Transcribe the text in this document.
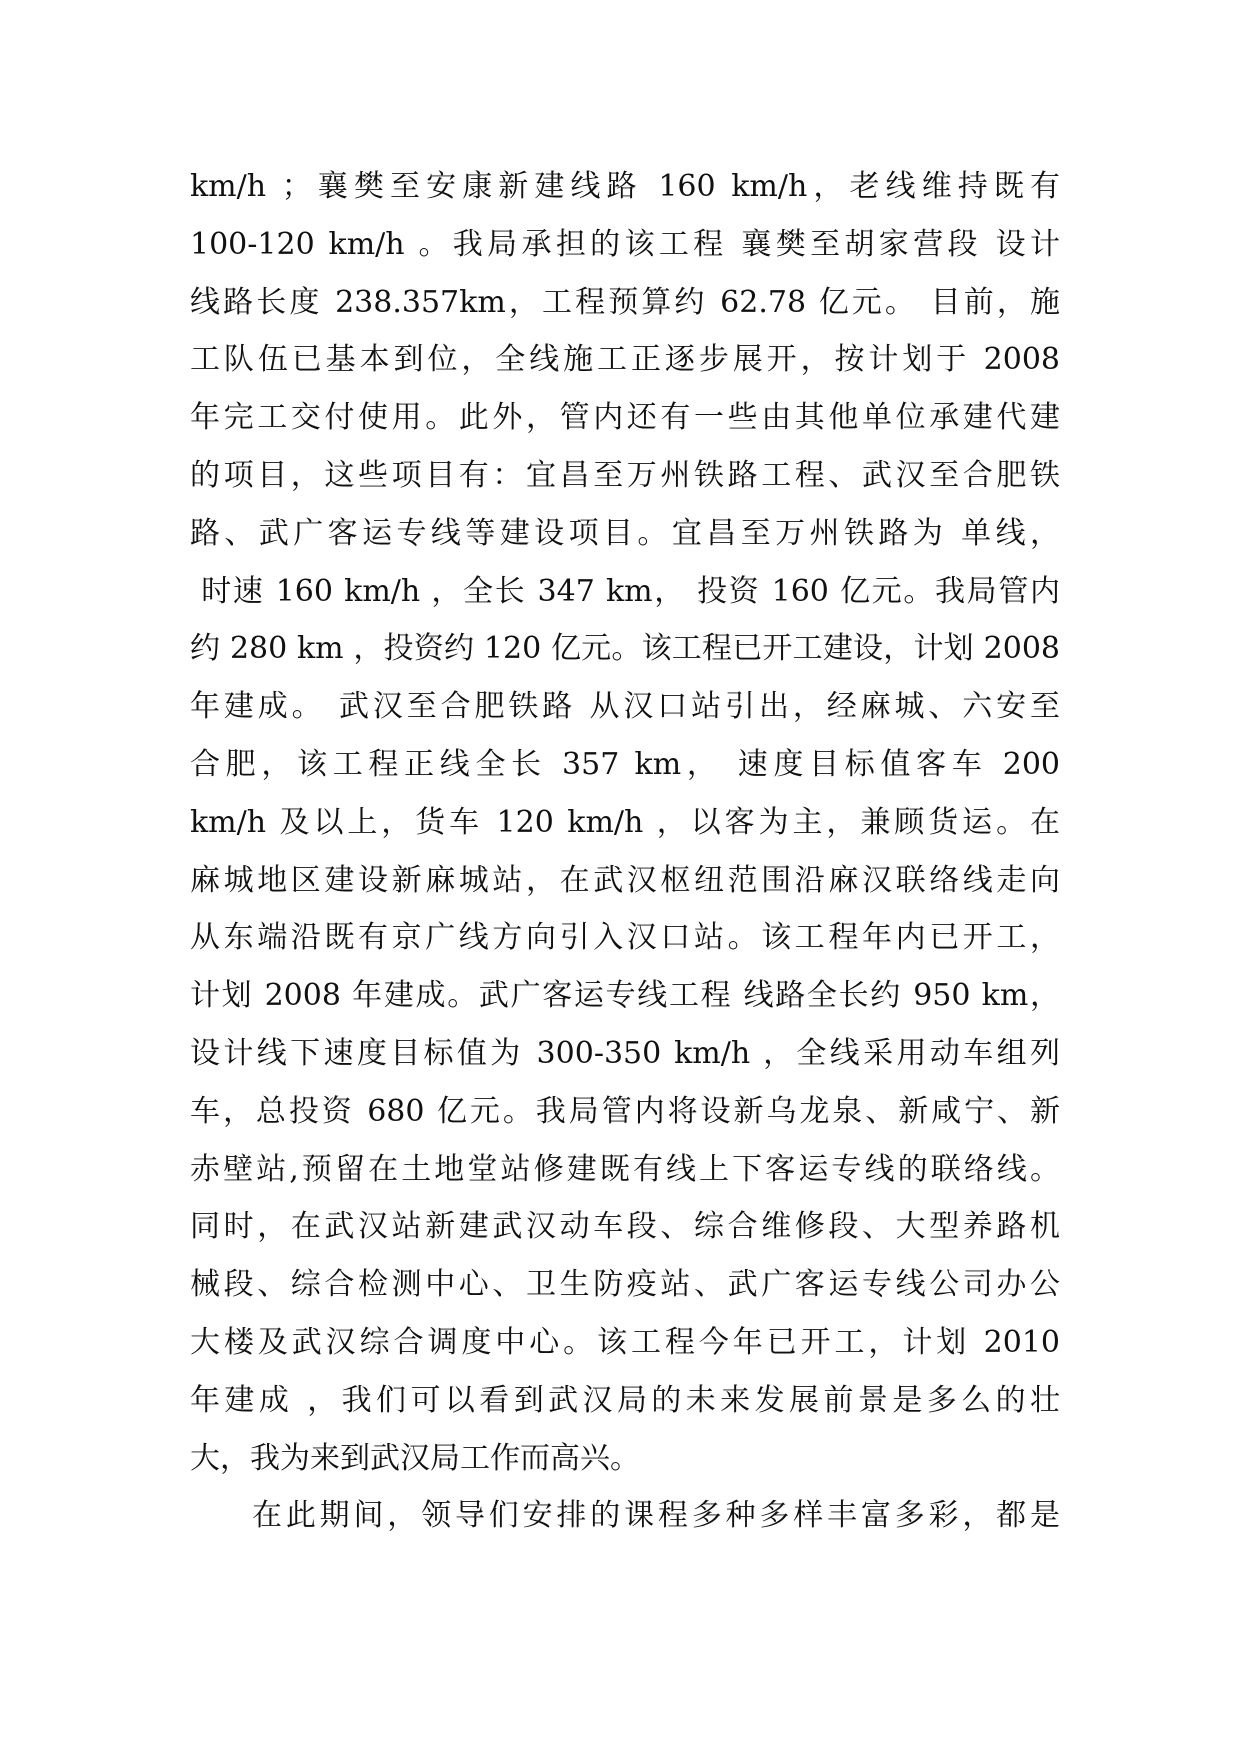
km/h ；襄樊至安康新建线路 160 km/h，老线维持既有
100-120 km/h 。我局承担的该工程 襄樊至胡家营段 设计
线路长度 238.357km，工程预算约 62.78 亿元。 目前，施
工队伍已基本到位，全线施工正逐步展开，按计划于 2008
年完工交付使用。此外，管内还有一些由其他单位承建代建
的项目，这些项目有：宜昌至万州铁路工程、武汉至合肥铁
路、武广客运专线等建设项目。宜昌至万州铁路为 单线，
时速 160 km/h ，全长 347 km， 投资 160 亿元。我局管内
约 280 km ，投资约 120 亿元。该工程已开工建设，计划 2008
年建成。 武汉至合肥铁路 从汉口站引出，经麻城、六安至
合肥，该工程正线全长 357 km， 速度目标值客车 200
km/h 及以上，货车 120 km/h ，以客为主，兼顾货运。在
麻城地区建设新麻城站，在武汉枢纽范围沿麻汉联络线走向
从东端沿既有京广线方向引入汉口站。该工程年内已开工，
计划 2008 年建成。武广客运专线工程 线路全长约 950 km，
设计线下速度目标值为 300-350 km/h ，全线采用动车组列
车，总投资 680 亿元。我局管内将设新乌龙泉、新咸宁、新
赤壁站,预留在土地堂站修建既有线上下客运专线的联络线。
同时，在武汉站新建武汉动车段、综合维修段、大型养路机
械段、综合检测中心、卫生防疫站、武广客运专线公司办公
大楼及武汉综合调度中心。该工程今年已开工，计划 2010
年建成 ，我们可以看到武汉局的未来发展前景是多么的壮
大，我为来到武汉局工作而高兴。
在此期间，领导们安排的课程多种多样丰富多彩，都是
